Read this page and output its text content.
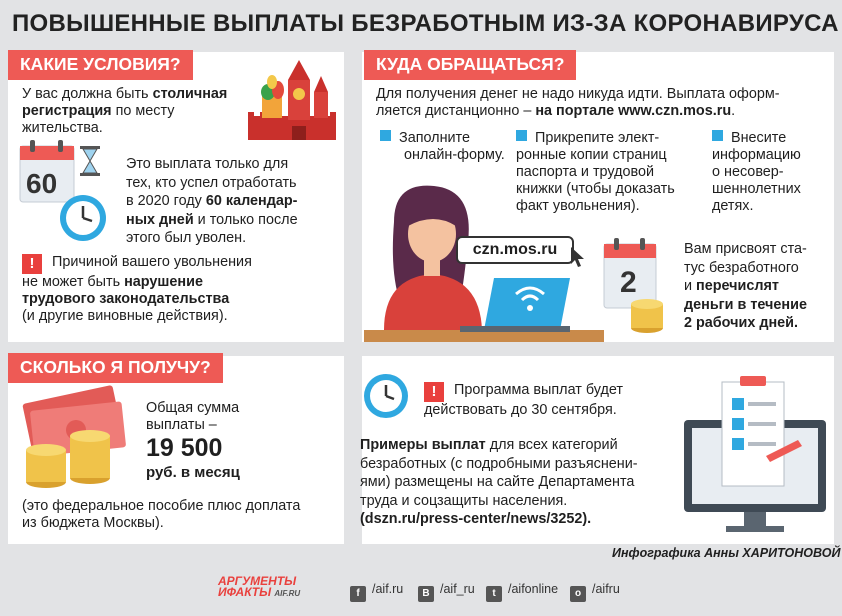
ПОВЫШЕННЫЕ ВЫПЛАТЫ БЕЗРАБОТНЫМ ИЗ-ЗА КОРОНАВИРУСА
КАКИЕ УСЛОВИЯ?
У вас должна быть столичная
регистрация по месту
жительства.
60
Это выплата только для
тех, кто успел отработать
в 2020 году 60 календар-
ных дней и только после
этого был уволен.
! Причиной вашего увольнения
не может быть нарушение
трудового законодательства
(и другие виновные действия).
КУДА ОБРАЩАТЬСЯ?
Для получения денег не надо никуда идти. Выплата оформ-
ляется дистанционно – на портале www.czn.mos.ru.
Заполните
онлайн-форму.
Прикрепите элект-
ронные копии страниц
паспорта и трудовой
книжки (чтобы доказать
факт увольнения).
Внесите
информацию
о несовер-
шеннолетних
детях.
czn.mos.ru
2
Вам присвоят ста-
тус безработного
и перечислят
деньги в течение
2 рабочих дней.
СКОЛЬКО Я ПОЛУЧУ?
Общая сумма
выплаты –
19 500
руб. в месяц
(это федеральное пособие плюс доплата
из бюджета Москвы).
! Программа выплат будет
действовать до 30 сентября.
Примеры выплат для всех категорий
безработных (с подробными разъяснени-
ями) размещены на сайте Департамента
труда и соцзащиты населения.
(dszn.ru/press-center/news/3252).
Инфографика Анны ХАРИТОНОВОЙ
АРГУМЕНТЫ
ИФАКТЫ AIF.RU	f /aif.ru	B /aif_ru	t /aifonline	o /aifru
